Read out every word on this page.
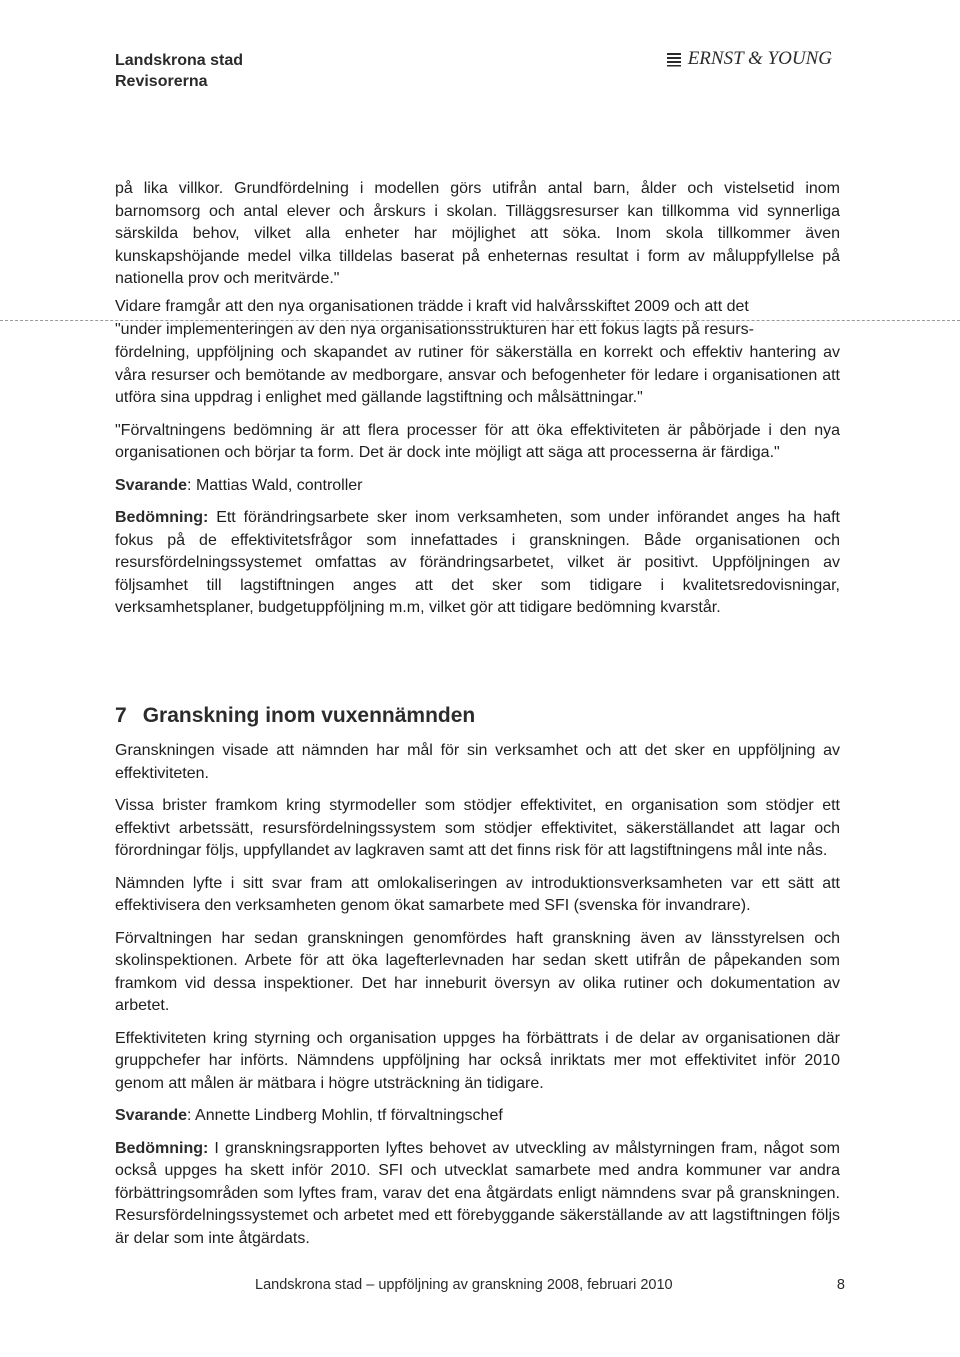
Landskrona stad
Revisorerna
ERNST & YOUNG

på lika villkor. Grundfördelning i modellen görs utifrån antal barn, ålder och vistelsetid inom barnomsorg och antal elever och årskurs i skolan. Tilläggsresurser kan tillkomma vid synnerliga särskilda behov, vilket alla enheter har möjlighet att söka. Inom skola tillkommer även kunskapshöjande medel vilka tilldelas baserat på enheternas resultat i form av måluppfyllelse på nationella prov och meritvärde."

Vidare framgår att den nya organisationen trädde i kraft vid halvårsskiftet 2009 och att det
"under implementeringen av den nya organisationsstrukturen har ett fokus lagts på resurs-

fördelning, uppföljning och skapandet av rutiner för säkerställa en korrekt och effektiv hantering av våra resurser och bemötande av medborgare, ansvar och befogenheter för ledare i organisationen att utföra sina uppdrag i enlighet med gällande lagstiftning och målsättningar."

"Förvaltningens bedömning är att flera processer för att öka effektiviteten är påbörjade i den nya organisationen och börjar ta form. Det är dock inte möjligt att säga att processerna är färdiga."

Svarande: Mattias Wald, controller

Bedömning: Ett förändringsarbete sker inom verksamheten, som under införandet anges ha haft fokus på de effektivitetsfrågor som innefattades i granskningen. Både organisationen och resursfördelningssystemet omfattas av förändringsarbetet, vilket är positivt. Uppföljningen av följsamhet till lagstiftningen anges att det sker som tidigare i kvalitetsredovisningar, verksamhetsplaner, budgetuppföljning m.m, vilket gör att tidigare bedömning kvarstår.

7 Granskning inom vuxennämnden

Granskningen visade att nämnden har mål för sin verksamhet och att det sker en uppföljning av effektiviteten.

Vissa brister framkom kring styrmodeller som stödjer effektivitet, en organisation som stödjer ett effektivt arbetssätt, resursfördelningssystem som stödjer effektivitet, säkerställandet att lagar och förordningar följs, uppfyllandet av lagkraven samt att det finns risk för att lagstiftningens mål inte nås.

Nämnden lyfte i sitt svar fram att omlokaliseringen av introduktionsverksamheten var ett sätt att effektivisera den verksamheten genom ökat samarbete med SFI (svenska för invandrare).

Förvaltningen har sedan granskningen genomfördes haft granskning även av länsstyrelsen och skolinspektionen. Arbete för att öka lagefterlevnaden har sedan skett utifrån de påpekanden som framkom vid dessa inspektioner. Det har inneburit översyn av olika rutiner och dokumentation av arbetet.

Effektiviteten kring styrning och organisation uppges ha förbättrats i de delar av organisationen där gruppchefer har införts. Nämndens uppföljning har också inriktats mer mot effektivitet inför 2010 genom att målen är mätbara i högre utsträckning än tidigare.

Svarande: Annette Lindberg Mohlin, tf förvaltningschef

Bedömning: I granskningsrapporten lyftes behovet av utveckling av målstyrningen fram, något som också uppges ha skett inför 2010. SFI och utvecklat samarbete med andra kommuner var andra förbättringsområden som lyftes fram, varav det ena åtgärdats enligt nämndens svar på granskningen. Resursfördelningssystemet och arbetet med ett förebyggande säkerställande av att lagstiftningen följs är delar som inte åtgärdats.

Landskrona stad – uppföljning av granskning 2008, februari 2010	8
